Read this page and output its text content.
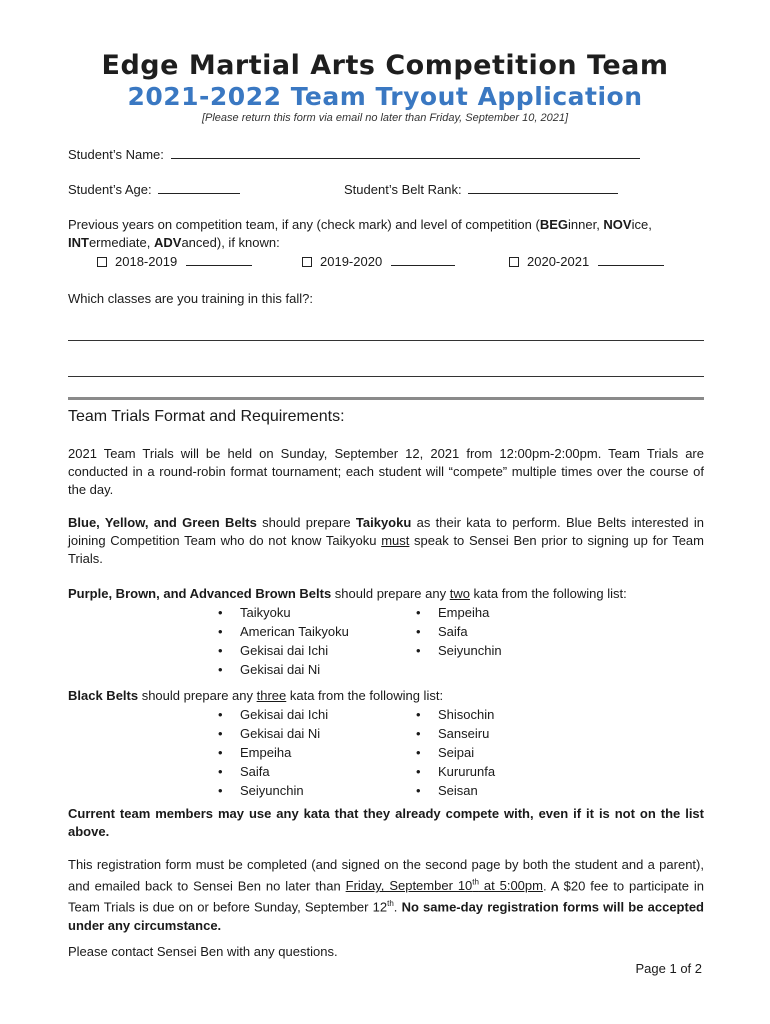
Edge Martial Arts Competition Team
2021-2022 Team Tryout Application
[Please return this form via email no later than Friday, September 10, 2021]
Student’s Name:
Student’s Age:	Student’s Belt Rank:
Previous years on competition team, if any (check mark) and level of competition (BEGinner, NOVice,
INTermediate, ADVanced), if known:
2018-2019	2019-2020	2020-2021
Which classes are you training in this fall?:
Team Trials Format and Requirements:
2021 Team Trials will be held on Sunday, September 12, 2021 from 12:00pm-2:00pm. Team Trials are conducted in a round-robin format tournament; each student will “compete” multiple times over the course of the day.
Blue, Yellow, and Green Belts should prepare Taikyoku as their kata to perform. Blue Belts interested in joining Competition Team who do not know Taikyoku must speak to Sensei Ben prior to signing up for Team Trials.
Purple, Brown, and Advanced Brown Belts should prepare any two kata from the following list:
• Taikyoku
• American Taikyoku
• Gekisai dai Ichi
• Gekisai dai Ni
• Empeiha
• Saifa
• Seiyunchin
Black Belts should prepare any three kata from the following list:
• Gekisai dai Ichi
• Gekisai dai Ni
• Empeiha
• Saifa
• Seiyunchin
• Shisochin
• Sanseiru
• Seipai
• Kururunfa
• Seisan
Current team members may use any kata that they already compete with, even if it is not on the list above.
This registration form must be completed (and signed on the second page by both the student and a parent), and emailed back to Sensei Ben no later than Friday, September 10th at 5:00pm. A $20 fee to participate in Team Trials is due on or before Sunday, September 12th. No same-day registration forms will be accepted under any circumstance.
Please contact Sensei Ben with any questions.
Page 1 of 2
